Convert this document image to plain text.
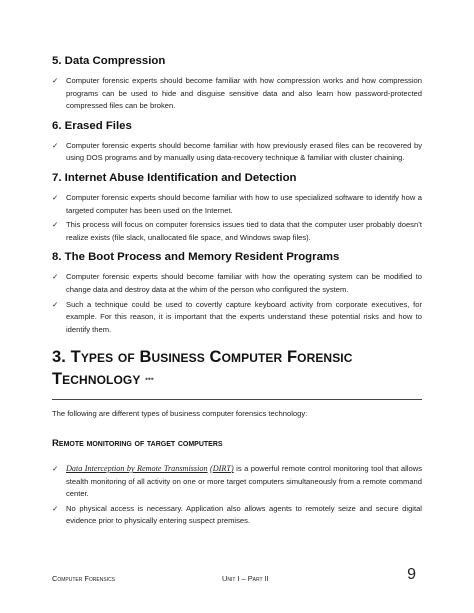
5. Data Compression
✓ Computer forensic experts should become familiar with how compression works and how compression programs can be used to hide and disguise sensitive data and also learn how password-protected compressed files can be broken.
6. Erased Files
✓ Computer forensic experts should become familiar with how previously erased files can be recovered by using DOS programs and by manually using data-recovery technique & familiar with cluster chaining.
7. Internet Abuse Identification and Detection
✓ Computer forensic experts should become familiar with how to use specialized software to identify how a targeted computer has been used on the Internet.
✓ This process will focus on computer forensics issues tied to data that the computer user probably doesn’t realize exists (file slack, unallocated file space, and Windows swap files).
8. The Boot Process and Memory Resident Programs
✓ Computer forensic experts should become familiar with how the operating system can be modified to change data and destroy data at the whim of the person who configured the system.
✓ Such a technique could be used to covertly capture keyboard activity from corporate executives, for example. For this reason, it is important that the experts understand these potential risks and how to identify them.
3. Types of Business Computer Forensic Technology •••

The following are different types of business computer forensics technology:

Remote monitoring of target computers
✓ Data Interception by Remote Transmission (DIRT) is a powerful remote control monitoring tool that allows stealth monitoring of all activity on one or more target computers simultaneously from a remote command center.
✓ No physical access is necessary. Application also allows agents to remotely seize and secure digital evidence prior to physically entering suspect premises.
Computer Forensics	Unit I – Part II	9
